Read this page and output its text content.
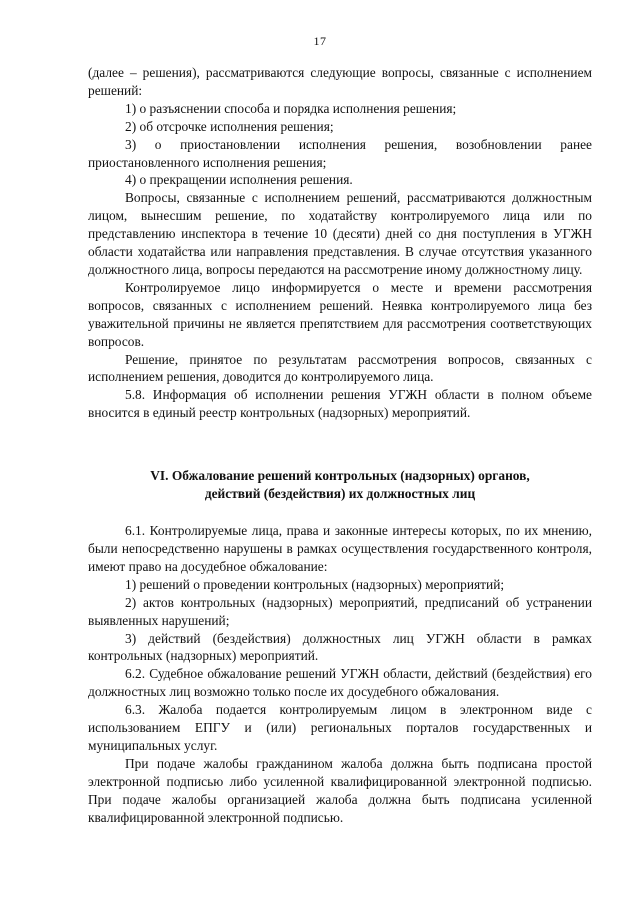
17

(далее – решения), рассматриваются следующие вопросы, связанные с исполнением решений:

1) о разъяснении способа и порядка исполнения решения;

2) об отсрочке исполнения решения;

3) о приостановлении исполнения решения, возобновлении ранее приостановленного исполнения решения;

4) о прекращении исполнения решения.

Вопросы, связанные с исполнением решений, рассматриваются должностным лицом, вынесшим решение, по ходатайству контролируемого лица или по представлению инспектора в течение 10 (десяти) дней со дня поступления в УГЖН области ходатайства или направления представления. В случае отсутствия указанного должностного лица, вопросы передаются на рассмотрение иному должностному лицу.

Контролируемое лицо информируется о месте и времени рассмотрения вопросов, связанных с исполнением решений. Неявка контролируемого лица без уважительной причины не является препятствием для рассмотрения соответствующих вопросов.

Решение, принятое по результатам рассмотрения вопросов, связанных с исполнением решения, доводится до контролируемого лица.

5.8. Информация об исполнении решения УГЖН области в полном объеме вносится в единый реестр контрольных (надзорных) мероприятий.

VI. Обжалование решений контрольных (надзорных) органов,
действий (бездействия) их должностных лиц

6.1. Контролируемые лица, права и законные интересы которых, по их мнению, были непосредственно нарушены в рамках осуществления государственного контроля, имеют право на досудебное обжалование:

1) решений о проведении контрольных (надзорных) мероприятий;

2) актов контрольных (надзорных) мероприятий, предписаний об устранении выявленных нарушений;

3) действий (бездействия) должностных лиц УГЖН области в рамках контрольных (надзорных) мероприятий.

6.2. Судебное обжалование решений УГЖН области, действий (бездействия) его должностных лиц возможно только после их досудебного обжалования.

6.3. Жалоба подается контролируемым лицом в электронном виде с использованием ЕПГУ и (или) региональных порталов государственных и муниципальных услуг.

При подаче жалобы гражданином жалоба должна быть подписана простой электронной подписью либо усиленной квалифицированной электронной подписью. При подаче жалобы организацией жалоба должна быть подписана усиленной квалифицированной электронной подписью.
